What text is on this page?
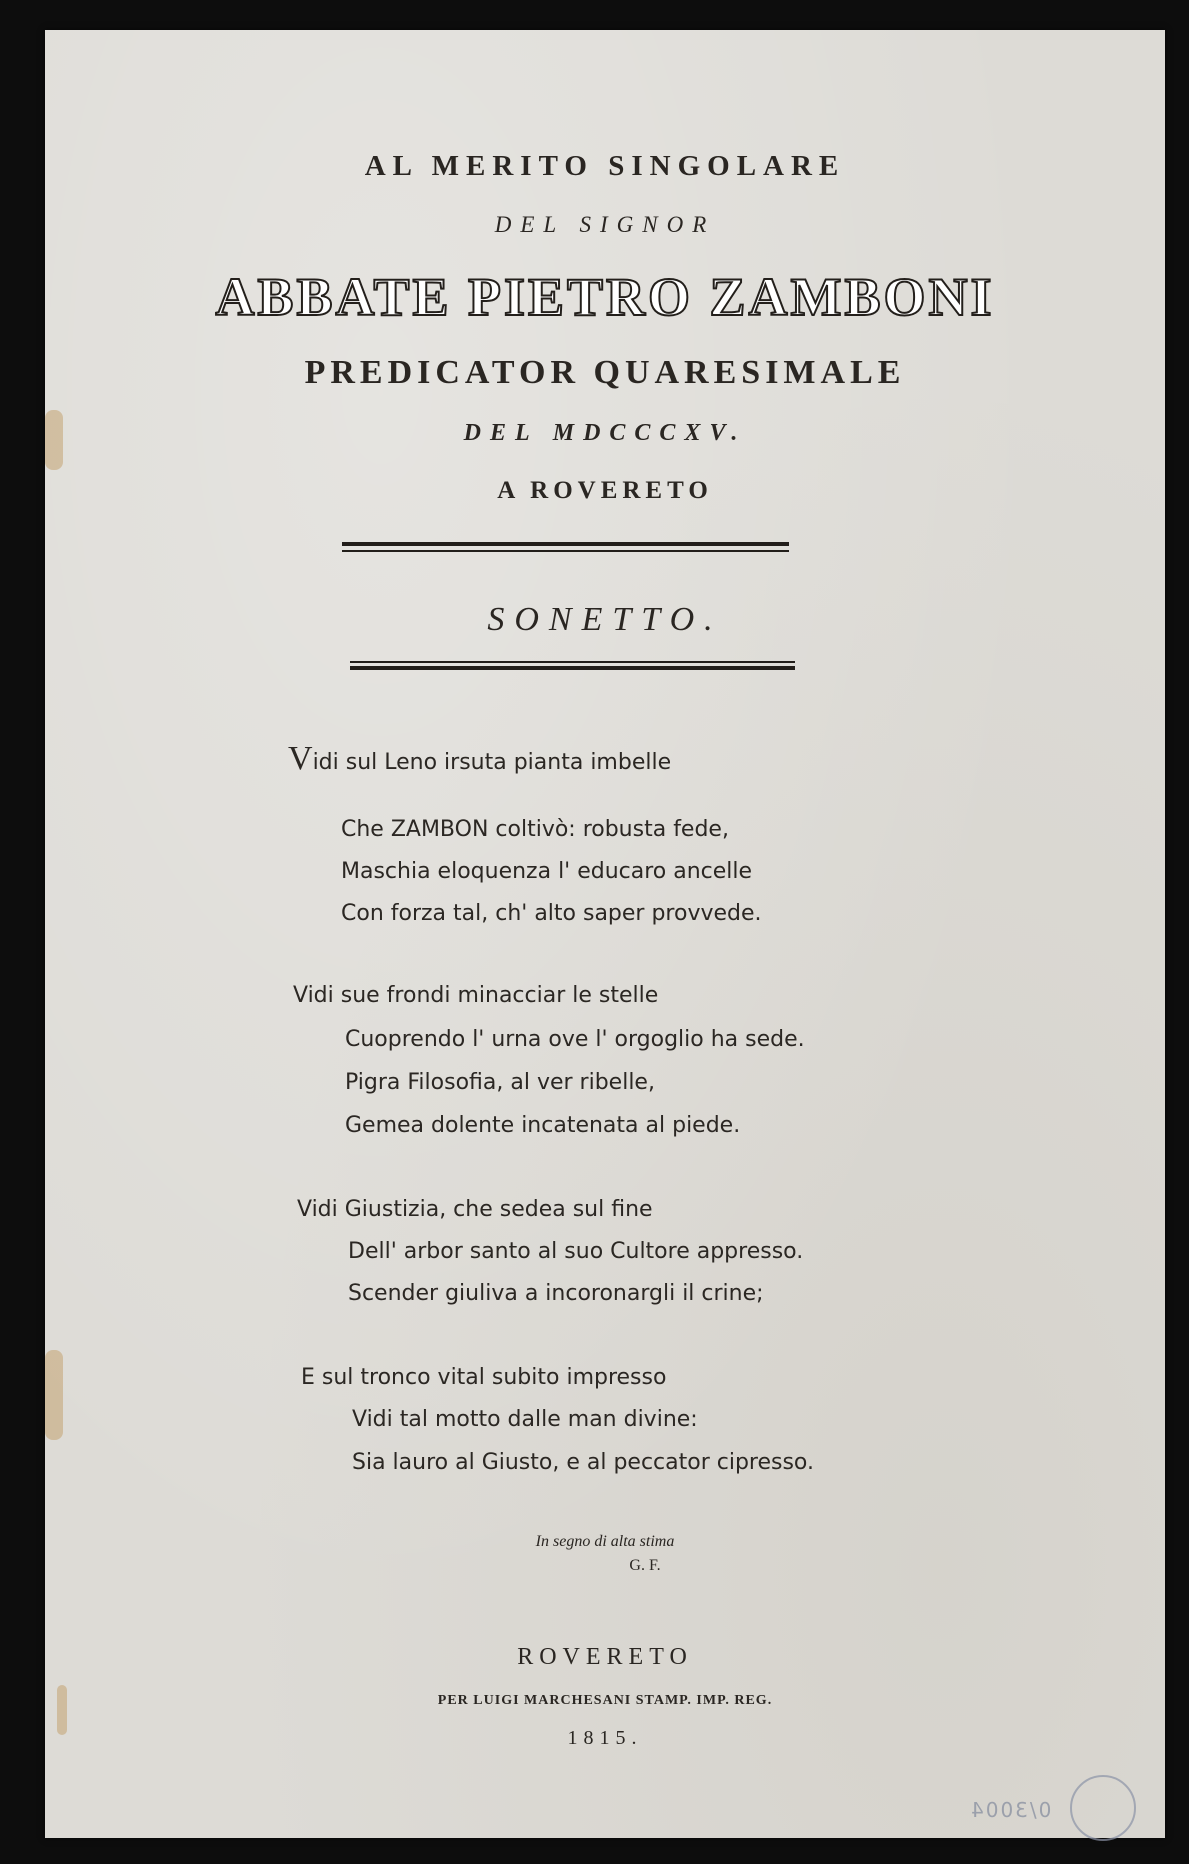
AL MERITO SINGOLARE
DEL SIGNOR
ABBATE PIETRO ZAMBONI
PREDICATOR QUARESIMALE
DEL MDCCCXV.
A ROVERETO
SONETTO.
Vidi sul Leno irsuta pianta imbelle
Che ZAMBON coltivò: robusta fede,
Maschia eloquenza l' educaro ancelle
Con forza tal, ch' alto saper provvede.
Vidi sue frondi minacciar le stelle
Cuoprendo l' urna ove l' orgoglio ha sede.
Pigra Filosofia, al ver ribelle,
Gemea dolente incatenata al piede.
Vidi Giustizia, che sedea sul fine
Dell' arbor santo al suo Cultore appresso.
Scender giuliva a incoronargli il crine;
E sul tronco vital subito impresso
Vidi tal motto dalle man divine:
Sia lauro al Giusto, e al peccator cipresso.
In segno di alta stima
G. F.
ROVERETO
PER LUIGI MARCHESANI STAMP. IMP. REG.
1815.
0/3004
